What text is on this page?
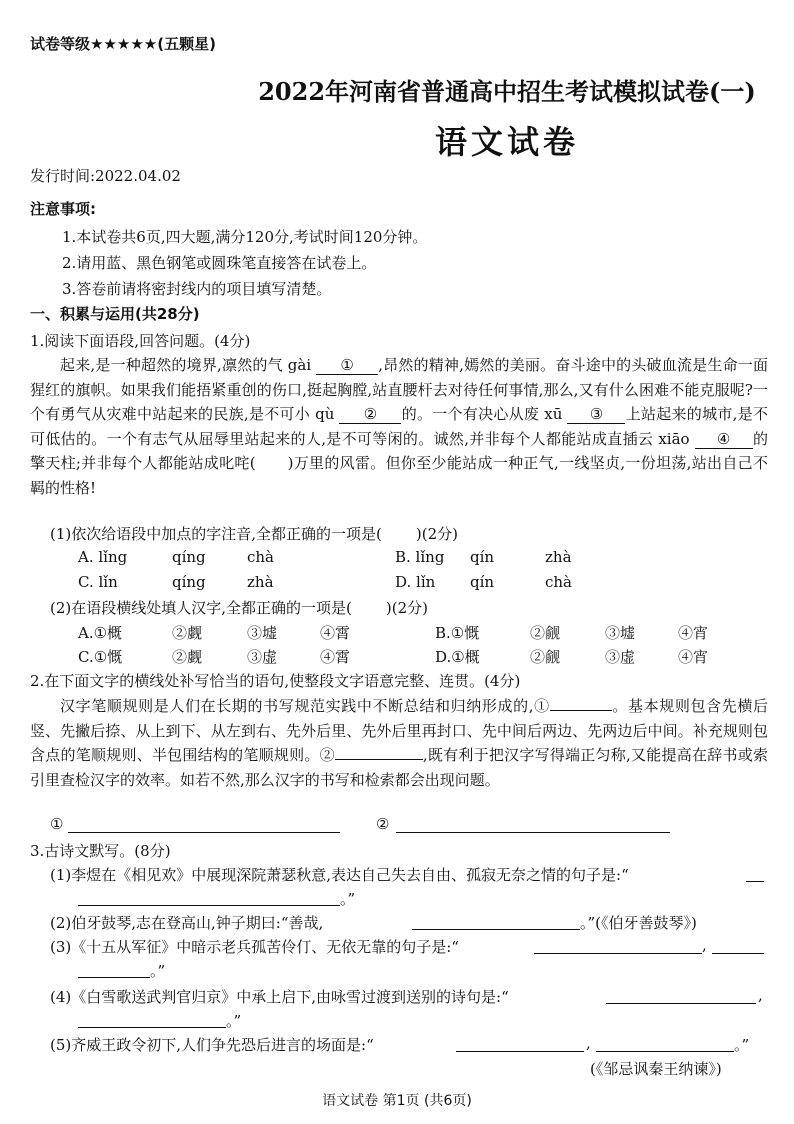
试卷等级★★★★★(五颗星)
2022年河南省普通高中招生考试模拟试卷(一)
语文试卷
发行时间:2022.04.02
注意事项:
1.本试卷共6页,四大题,满分120分,考试时间120分钟。
2.请用蓝、黑色钢笔或圆珠笔直接答在试卷上。
3.答卷前请将密封线内的项目填写清楚。
一、积累与运用(共28分)
1.阅读下面语段,回答问题。(4分)

起来,是一种超然的境界,凛然的气 gài ① ,昂然的精神,嫣然的美丽。奋斗途中的头破血流是生命一面猩红的旗帜。如果我们能捂紧重创的伤口,挺起胸膛,站直腰杆去对待任何事情,那么,又有什么困难不能克服呢?一个有勇气从灾难中站起来的民族,是不可小 qù ② 的。一个有决心从废 xū ③ 上站起来的城市,是不可低估的。一个有志气从屈辱里站起来的人,是不可等闲的。诚然,并非每个人都能站成直插云 xiāo ④ 的擎天柱;并非每个人都能站成叱咤( )万里的风雷。但你至少能站成一种正气,一线坚贞,一份坦荡,站出自己不羁的性格!

(1)依次给语段中加点的字注音,全都正确的一项是( )(2分)
A. lǐng	qíng	chà	B. lǐng qín	zhà
C. lǐn	qíng	zhà	D. lǐn qín	chà
(2)在语段横线处填人汉字,全都正确的一项是( )(2分)
A.①概	②觑	③墟	④霄	B.①慨	②觎	③墟	④宵
C.①慨	②觑	③虚	④霄	D.①概	②觎	③虚	④宵
2.在下面文字的横线处补写恰当的语句,使整段文字语意完整、连贯。(4分)

汉字笔顺规则是人们在长期的书写规范实践中不断总结和归纳形成的,①	。基本规则包含先横后竖、先撇后捺、从上到下、从左到右、先外后里、先外后里再封口、先中间后两边、先两边后中间。补充规则包含点的笔顺规则、半包围结构的笔顺规则。②	,既有利于把汉字写得端正匀称,又能提高在辞书或索引里查检汉字的效率。如若不然,那么汉字的书写和检索都会出现问题。

①	②
3.古诗文默写。(8分)
(1)李煜在《相见欢》中展现深院萧瑟秋意,表达自己失去自由、孤寂无奈之情的句子是:“
。”
(2)伯牙鼓琴,志在登高山,钟子期曰:“善哉,	。”(《伯牙善鼓琴》)
(3)《十五从军征》中暗示老兵孤苦伶仃、无依无靠的句子是:“	,
。”
(4)《白雪歌送武判官归京》中承上启下,由咏雪过渡到送别的诗句是:“	,
。”
(5)齐威王政令初下,人们争先恐后进言的场面是:“	,	。”
(《邹忌讽秦王纳谏》)
语文试卷 第1页 (共6页)
